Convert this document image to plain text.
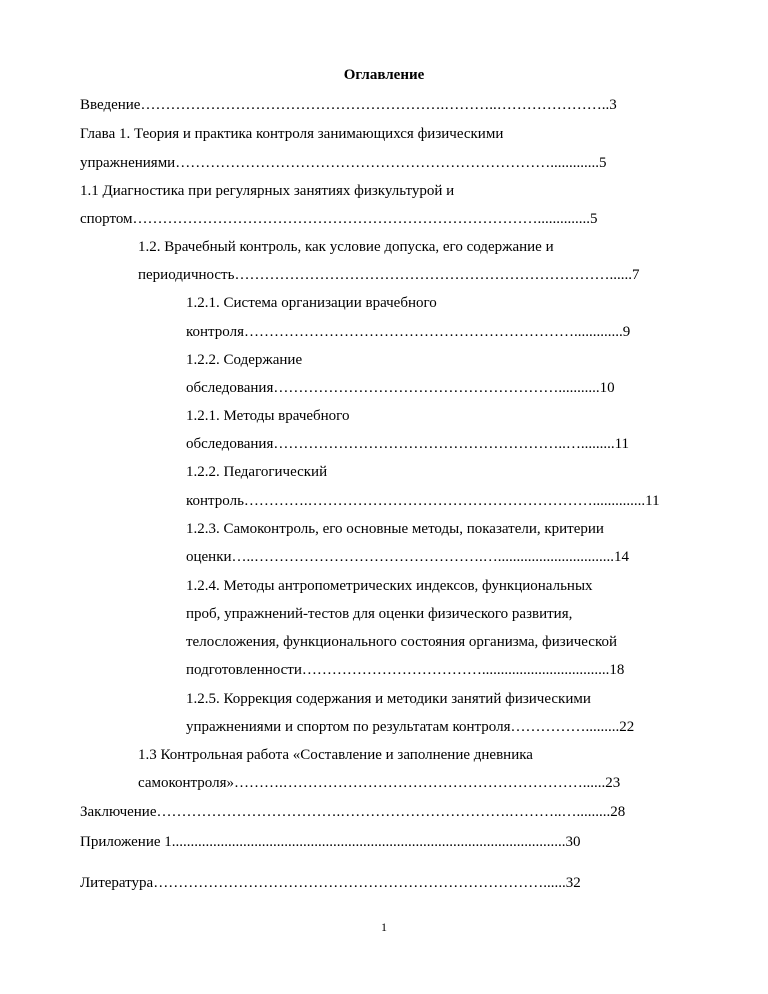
Оглавление
Введение…………………………………………………….………..…………………..3
Глава 1. Теория и практика контроля занимающихся физическими
упражнениями………………………………………………………………….............5
1.1 Диагностика при регулярных занятиях физкультурой и
спортом………………………………………………………………………..............5
1.2. Врачебный контроль, как условие допуска, его содержание и
периодичность…………………………………………………………………......7
1.2.1. Система организации врачебного
контроля………………………………………………………….............9
1.2.2. Содержание
обследования…………………………………………………...........10
1.2.1. Методы врачебного
обследования…………………………………………………..….........11
1.2.2. Педагогический
контроль………….…………………………………………………..............11
1.2.3. Самоконтроль, его основные методы, показатели, критерии
оценки…..……………………………………….…...............................14
1.2.4. Методы антропометрических индексов, функциональных
проб, упражнений-тестов для оценки физического развития,
телосложения, функционального состояния организма, физической
подготовленности………………………………..................................18
1.2.5. Коррекция содержания и методики занятий физическими
упражнениями и спортом по результатам контроля…………….........22
1.3 Контрольная работа «Составление и заполнение дневника
самоконтроля»……….……………………………………………………......23
Заключение……………………………….…………………………….………..….........28
Приложение 1.........................................................................................................30
Литература……………………………………………………………………......32
1
